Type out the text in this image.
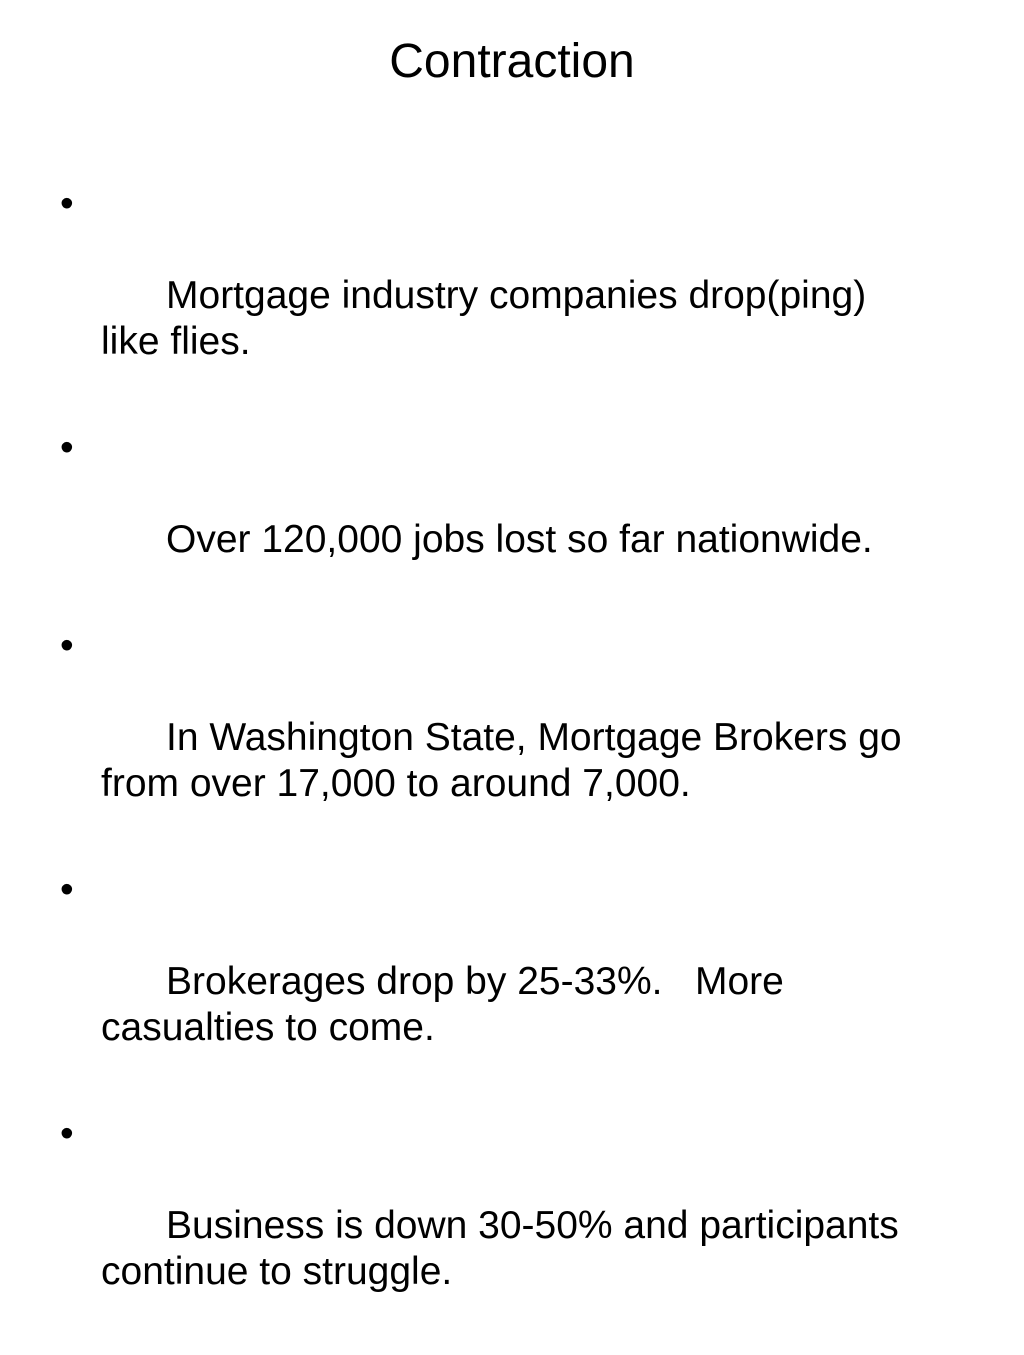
Contraction

•

Mortgage industry companies drop(ping)
like flies.

•

Over 120,000 jobs lost so far nationwide.

•

In Washington State, Mortgage Brokers go
from over 17,000 to around 7,000.

•

Brokerages drop by 25-33%.   More
casualties to come.

•

Business is down 30-50% and participants
continue to struggle.
